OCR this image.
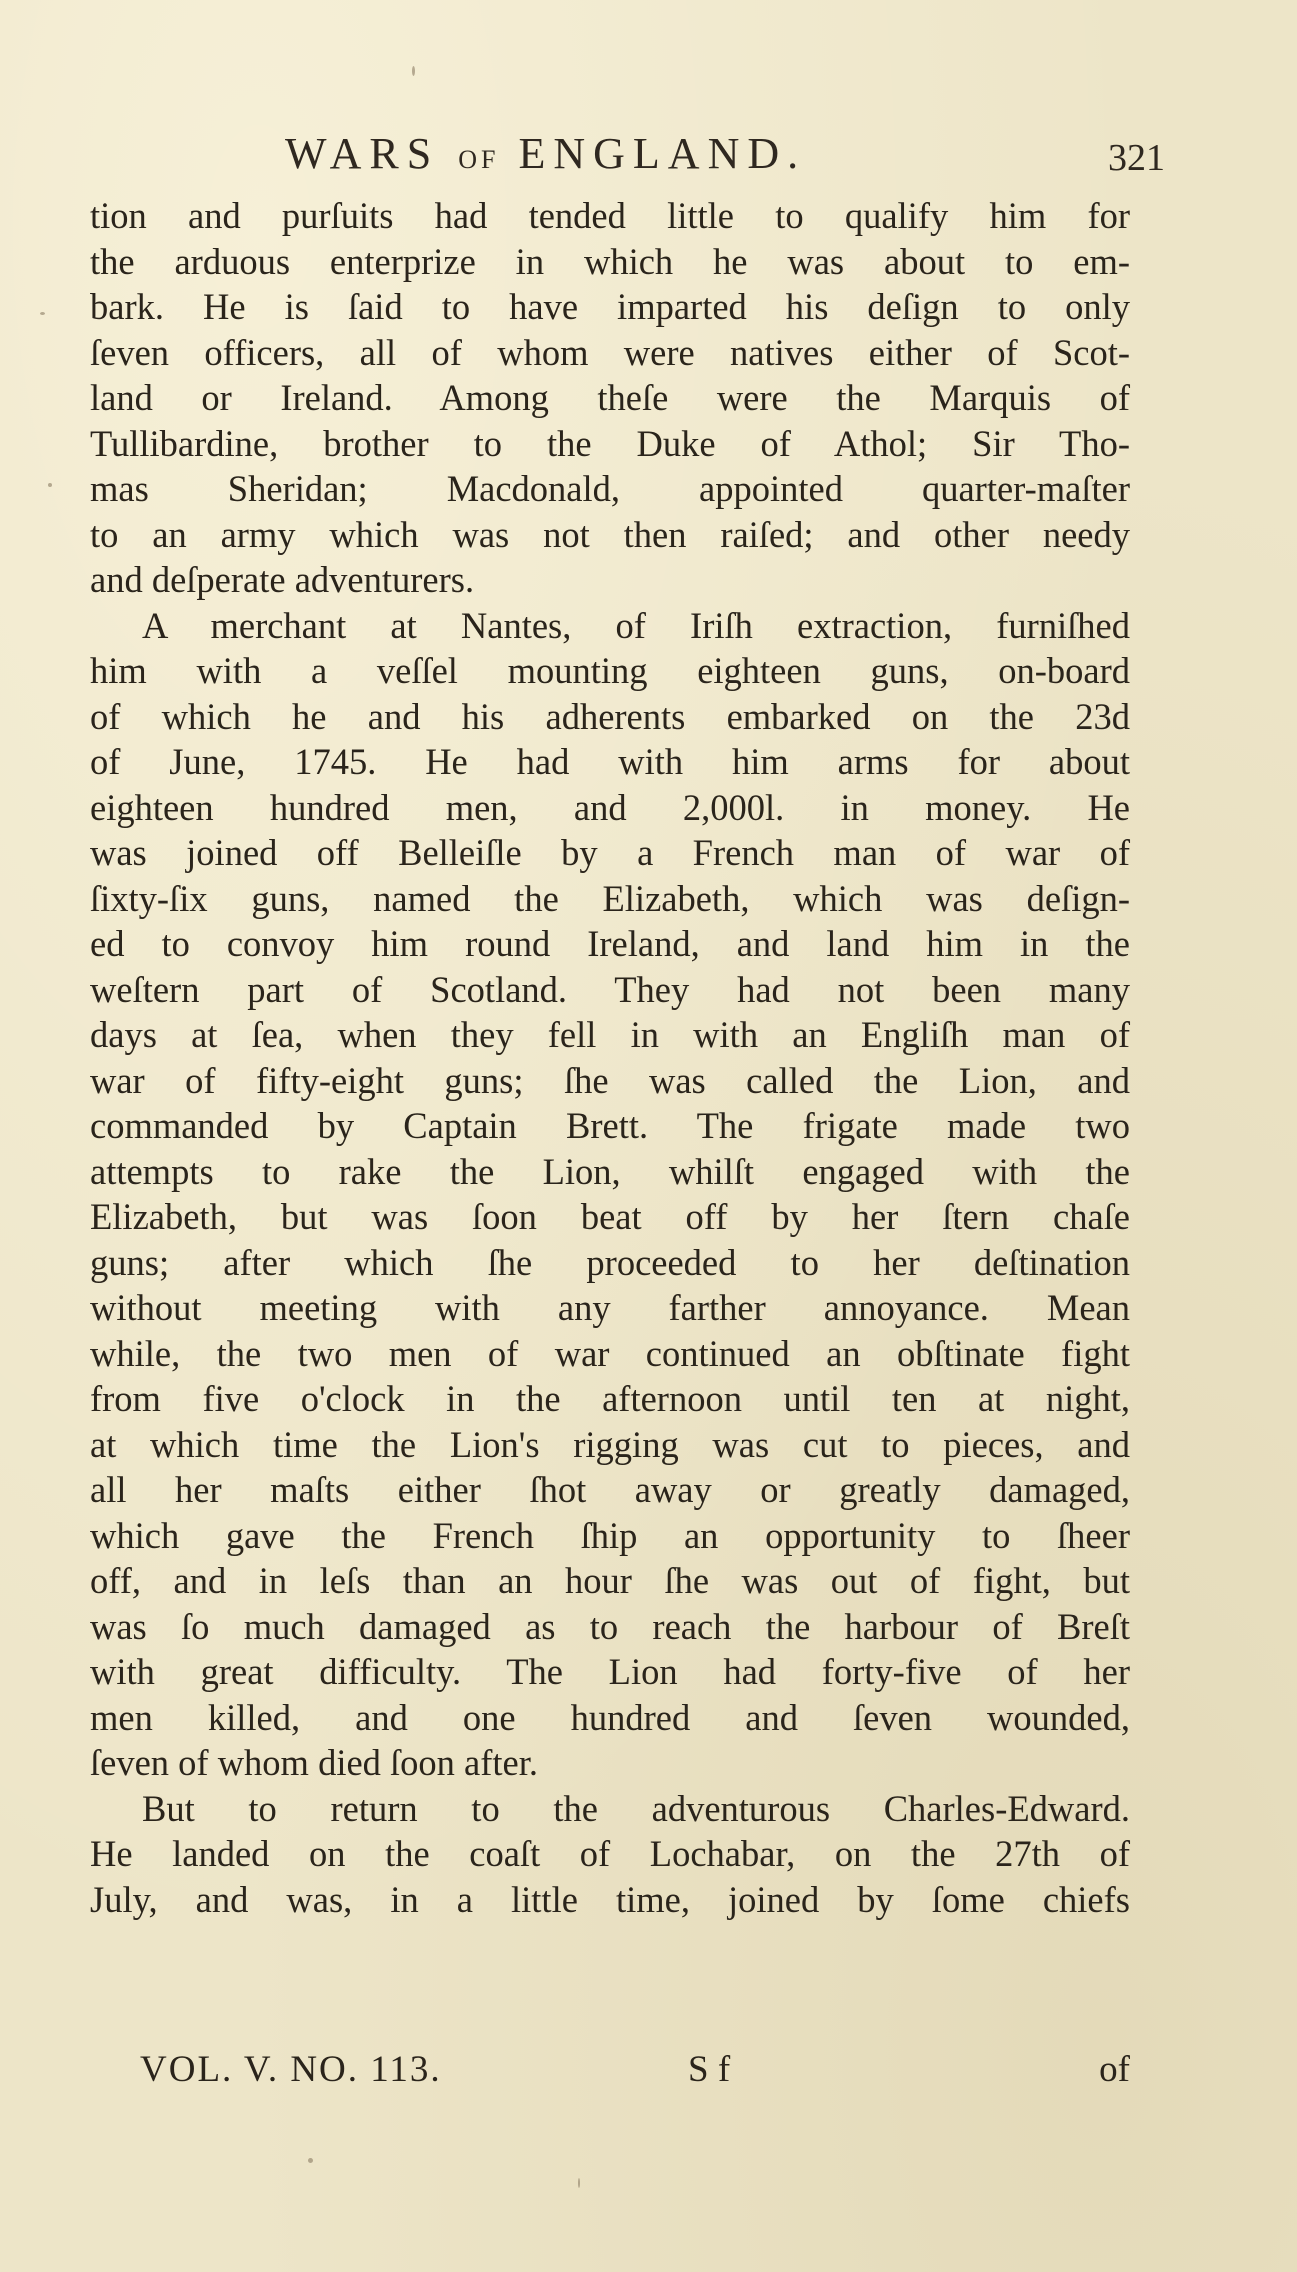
WARS OF ENGLAND.	321
tion and purſuits had tended little to qualify him for
the arduous enterprize in which he was about to em-
bark. He is ſaid to have imparted his deſign to only
ſeven officers, all of whom were natives either of Scot-
land or Ireland. Among theſe were the Marquis of
Tullibardine, brother to the Duke of Athol; Sir Tho-
mas Sheridan; Macdonald, appointed quarter-maſter
to an army which was not then raiſed; and other needy
and deſperate adventurers.
A merchant at Nantes, of Iriſh extraction, furniſhed
him with a veſſel mounting eighteen guns, on-board
of which he and his adherents embarked on the 23d
of June, 1745. He had with him arms for about
eighteen hundred men, and 2,000l. in money. He
was joined off Belleiſle by a French man of war of
ſixty-ſix guns, named the Elizabeth, which was deſign-
ed to convoy him round Ireland, and land him in the
weſtern part of Scotland. They had not been many
days at ſea, when they fell in with an Engliſh man of
war of fifty-eight guns; ſhe was called the Lion, and
commanded by Captain Brett. The frigate made two
attempts to rake the Lion, whilſt engaged with the
Elizabeth, but was ſoon beat off by her ſtern chaſe
guns; after which ſhe proceeded to her deſtination
without meeting with any farther annoyance. Mean
while, the two men of war continued an obſtinate fight
from five o'clock in the afternoon until ten at night,
at which time the Lion's rigging was cut to pieces, and
all her maſts either ſhot away or greatly damaged,
which gave the French ſhip an opportunity to ſheer
off, and in leſs than an hour ſhe was out of fight, but
was ſo much damaged as to reach the harbour of Breſt
with great difficulty. The Lion had forty-five of her
men killed, and one hundred and ſeven wounded,
ſeven of whom died ſoon after.
But to return to the adventurous Charles-Edward.
He landed on the coaſt of Lochabar, on the 27th of
July, and was, in a little time, joined by ſome chiefs
VOL. V. NO. 113.	S f	of
